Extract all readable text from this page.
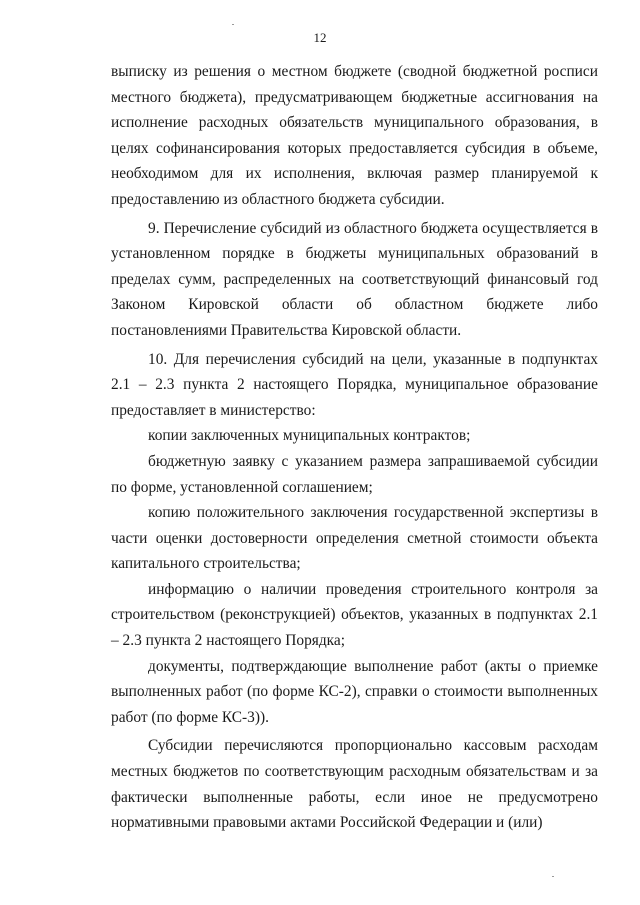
12

выписку из решения о местном бюджете (сводной бюджетной росписи местного бюджета), предусматривающем бюджетные ассигнования на исполнение расходных обязательств муниципального образования, в целях софинансирования которых предоставляется субсидия в объеме, необходимом для их исполнения, включая размер планируемой к предоставлению из областного бюджета субсидии.

9. Перечисление субсидий из областного бюджета осуществляется в установленном порядке в бюджеты муниципальных образований в пределах сумм, распределенных на соответствующий финансовый год Законом Кировской области об областном бюджете либо постановлениями Правительства Кировской области.

10. Для перечисления субсидий на цели, указанные в подпунктах 2.1 – 2.3 пункта 2 настоящего Порядка, муниципальное образование предоставляет в министерство:

копии заключенных муниципальных контрактов;

бюджетную заявку с указанием размера запрашиваемой субсидии по форме, установленной соглашением;

копию положительного заключения государственной экспертизы в части оценки достоверности определения сметной стоимости объекта капитального строительства;

информацию о наличии проведения строительного контроля за строительством (реконструкцией) объектов, указанных в подпунктах 2.1 – 2.3 пункта 2 настоящего Порядка;

документы, подтверждающие выполнение работ (акты о приемке выполненных работ (по форме КС-2), справки о стоимости выполненных работ (по форме КС-3)).

Субсидии перечисляются пропорционально кассовым расходам местных бюджетов по соответствующим расходным обязательствам и за фактически выполненные работы, если иное не предусмотрено нормативными правовыми актами Российской Федерации и (или)
